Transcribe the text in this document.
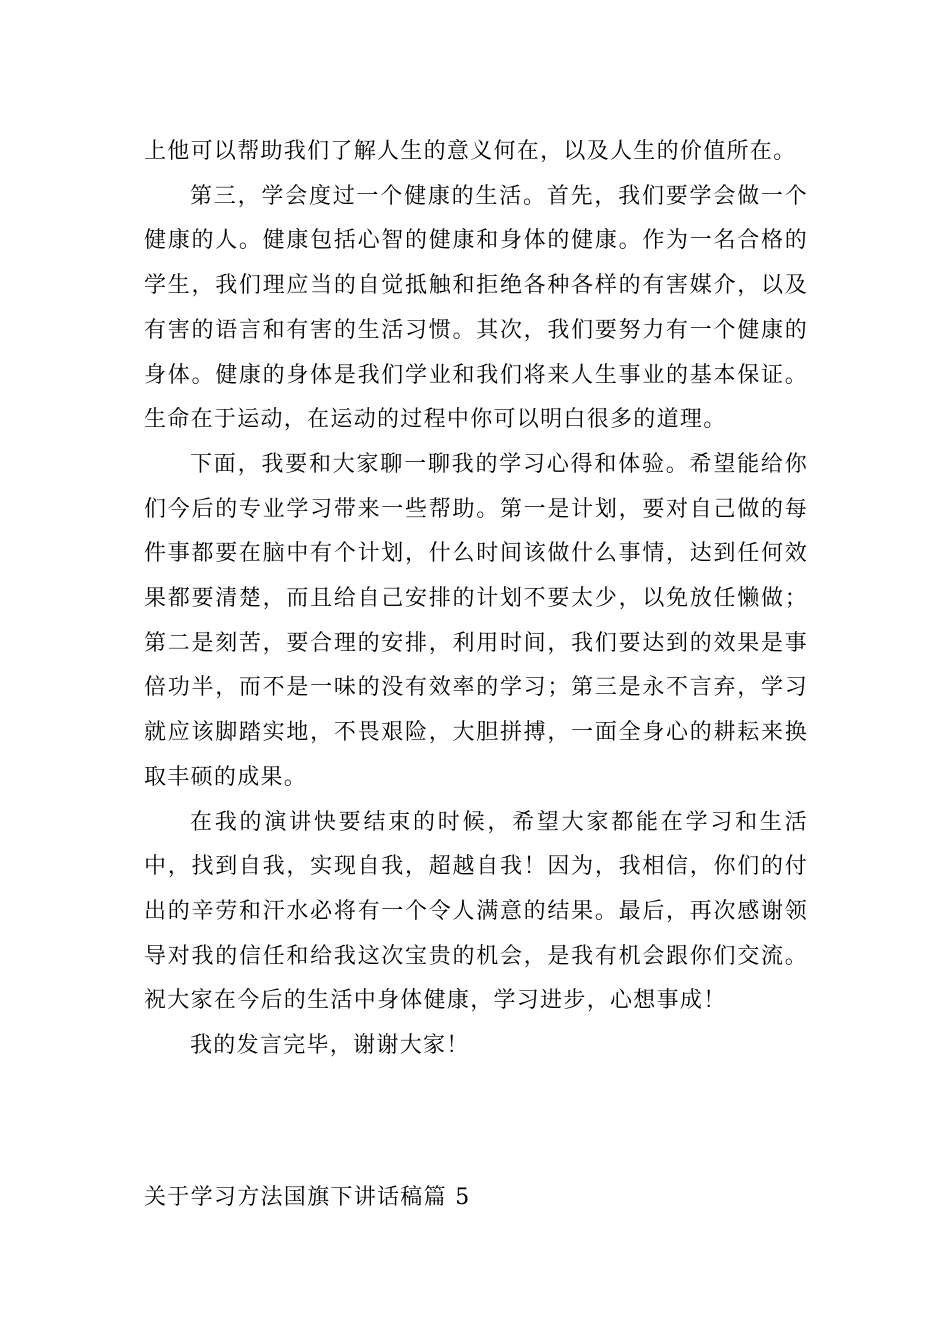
上他可以帮助我们了解人生的意义何在，以及人生的价值所在。

第三，学会度过一个健康的生活。首先，我们要学会做一个健康的人。健康包括心智的健康和身体的健康。作为一名合格的学生，我们理应当的自觉抵触和拒绝各种各样的有害媒介，以及有害的语言和有害的生活习惯。其次，我们要努力有一个健康的身体。健康的身体是我们学业和我们将来人生事业的基本保证。生命在于运动，在运动的过程中你可以明白很多的道理。

下面，我要和大家聊一聊我的学习心得和体验。希望能给你们今后的专业学习带来一些帮助。第一是计划，要对自己做的每件事都要在脑中有个计划，什么时间该做什么事情，达到任何效果都要清楚，而且给自己安排的计划不要太少，以免放任懒做；第二是刻苦，要合理的安排，利用时间，我们要达到的效果是事倍功半，而不是一味的没有效率的学习；第三是永不言弃，学习就应该脚踏实地，不畏艰险，大胆拼搏，一面全身心的耕耘来换取丰硕的成果。

在我的演讲快要结束的时候，希望大家都能在学习和生活中，找到自我，实现自我，超越自我！因为，我相信，你们的付出的辛劳和汗水必将有一个令人满意的结果。最后，再次感谢领导对我的信任和给我这次宝贵的机会，是我有机会跟你们交流。祝大家在今后的生活中身体健康，学习进步，心想事成！

我的发言完毕，谢谢大家！

关于学习方法国旗下讲话稿篇 5
